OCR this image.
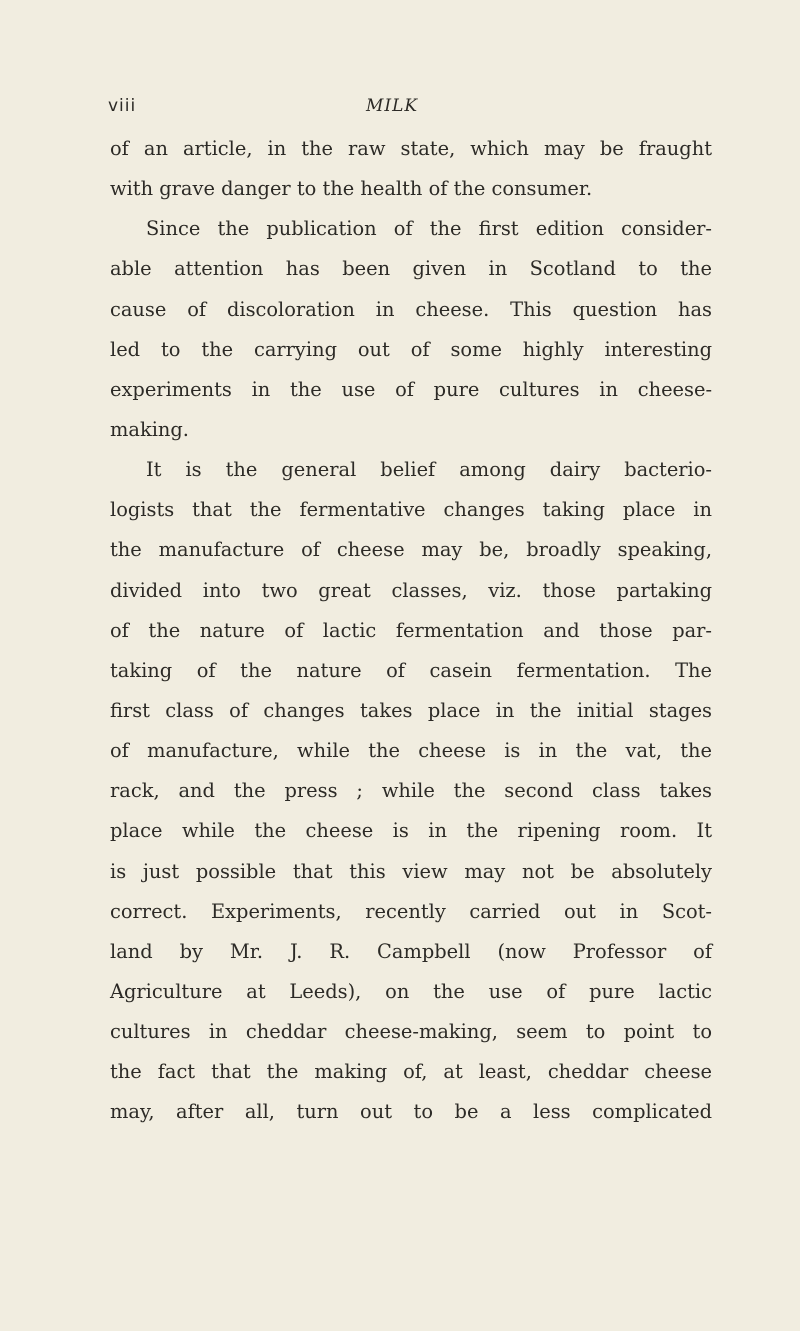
viii	MILK
of an article, in the raw state, which may be fraught
with grave danger to the health of the consumer.
Since the publication of the first edition consider-
able attention has been given in Scotland to the
cause of discoloration in cheese. This question has
led to the carrying out of some highly interesting
experiments in the use of pure cultures in cheese-
making.
It is the general belief among dairy bacterio-
logists that the fermentative changes taking place in
the manufacture of cheese may be, broadly speaking,
divided into two great classes, viz. those partaking
of the nature of lactic fermentation and those par-
taking of the nature of casein fermentation. The
first class of changes takes place in the initial stages
of manufacture, while the cheese is in the vat, the
rack, and the press ; while the second class takes
place while the cheese is in the ripening room. It
is just possible that this view may not be absolutely
correct. Experiments, recently carried out in Scot-
land by Mr. J. R. Campbell (now Professor of
Agriculture at Leeds), on the use of pure lactic
cultures in cheddar cheese-making, seem to point to
the fact that the making of, at least, cheddar cheese
may, after all, turn out to be a less complicated
